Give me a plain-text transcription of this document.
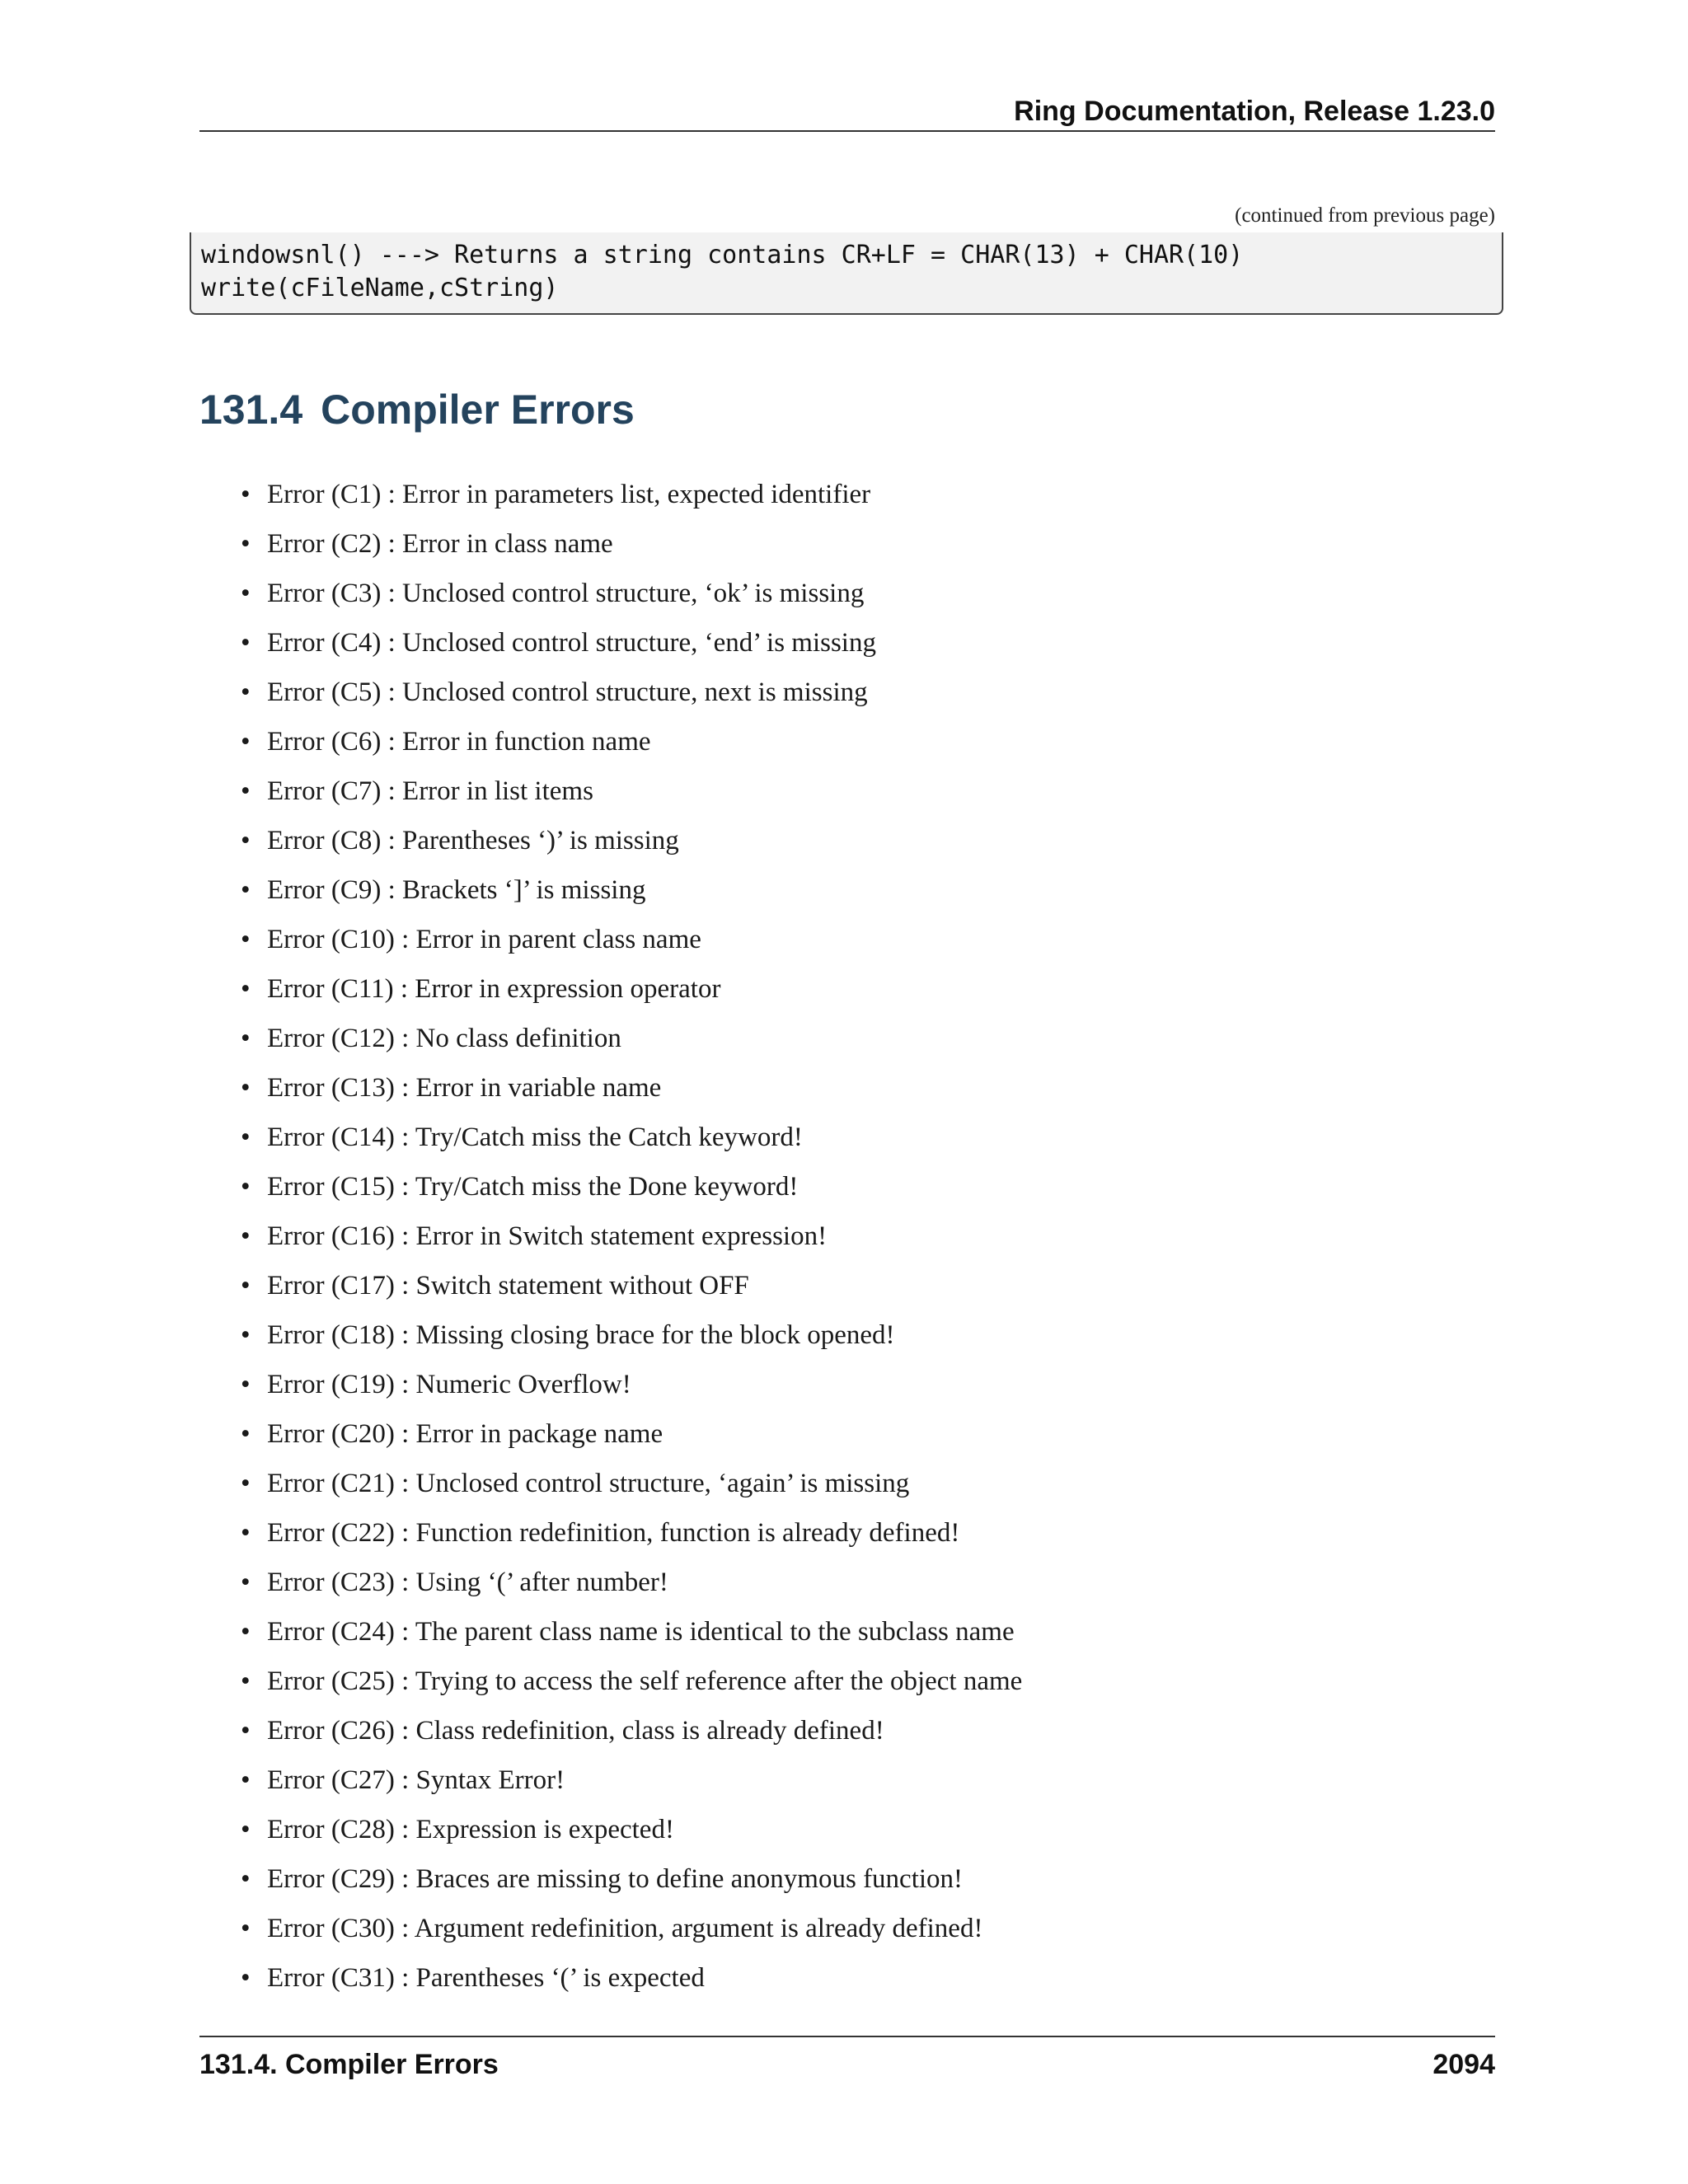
Ring Documentation, Release 1.23.0
(continued from previous page)
windowsnl() ---> Returns a string contains CR+LF = CHAR(13) + CHAR(10)
write(cFileName,cString)
131.4 Compiler Errors
• Error (C1) : Error in parameters list, expected identifier
• Error (C2) : Error in class name
• Error (C3) : Unclosed control structure, ‘ok’ is missing
• Error (C4) : Unclosed control structure, ‘end’ is missing
• Error (C5) : Unclosed control structure, next is missing
• Error (C6) : Error in function name
• Error (C7) : Error in list items
• Error (C8) : Parentheses ‘)’ is missing
• Error (C9) : Brackets ‘]’ is missing
• Error (C10) : Error in parent class name
• Error (C11) : Error in expression operator
• Error (C12) : No class definition
• Error (C13) : Error in variable name
• Error (C14) : Try/Catch miss the Catch keyword!
• Error (C15) : Try/Catch miss the Done keyword!
• Error (C16) : Error in Switch statement expression!
• Error (C17) : Switch statement without OFF
• Error (C18) : Missing closing brace for the block opened!
• Error (C19) : Numeric Overflow!
• Error (C20) : Error in package name
• Error (C21) : Unclosed control structure, ‘again’ is missing
• Error (C22) : Function redefinition, function is already defined!
• Error (C23) : Using ‘(’ after number!
• Error (C24) : The parent class name is identical to the subclass name
• Error (C25) : Trying to access the self reference after the object name
• Error (C26) : Class redefinition, class is already defined!
• Error (C27) : Syntax Error!
• Error (C28) : Expression is expected!
• Error (C29) : Braces are missing to define anonymous function!
• Error (C30) : Argument redefinition, argument is already defined!
• Error (C31) : Parentheses ‘(’ is expected
131.4. Compiler Errors	2094
